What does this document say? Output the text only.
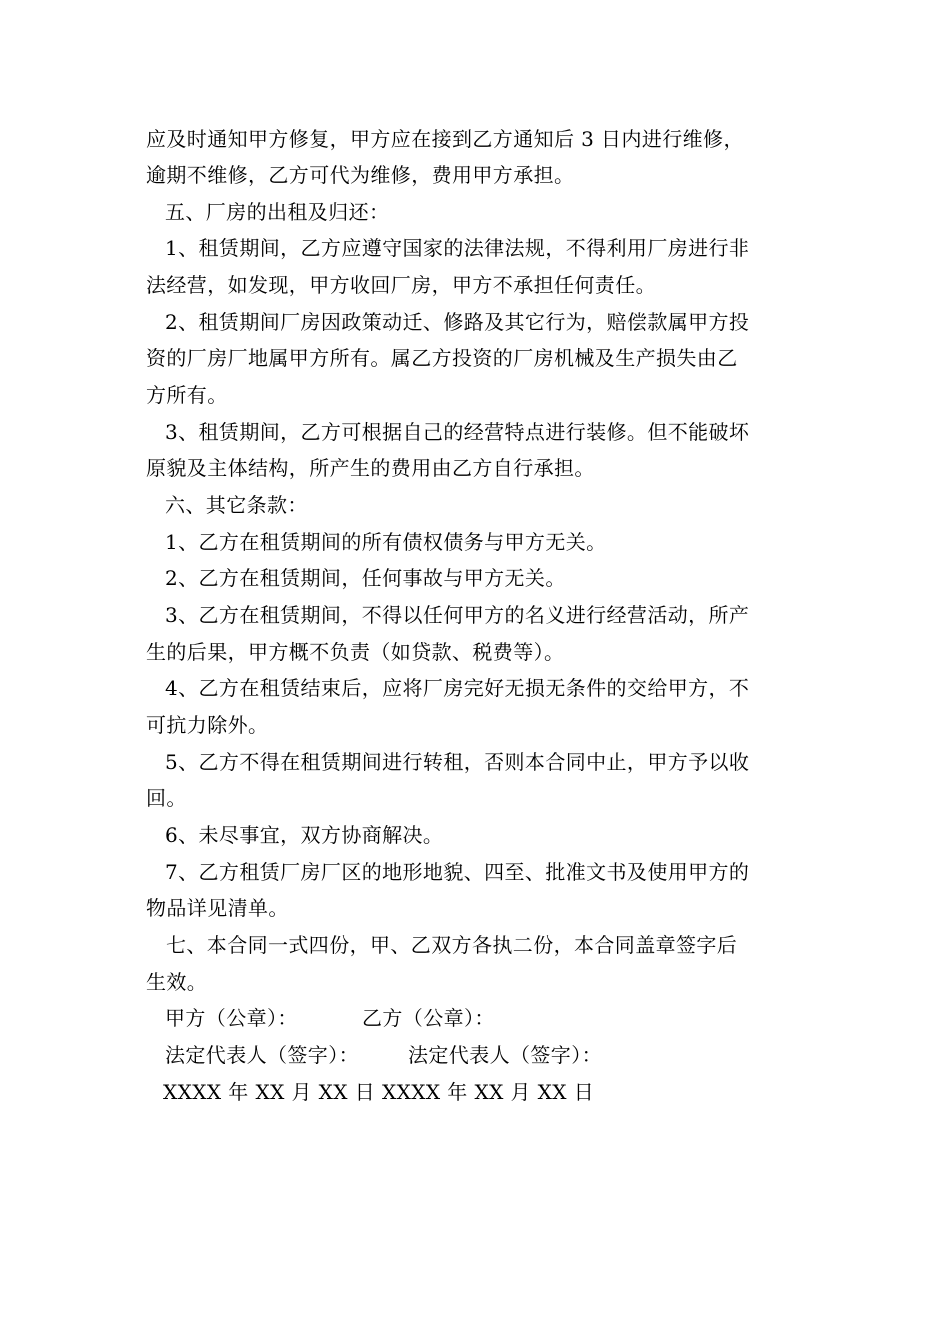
应及时通知甲方修复，甲方应在接到乙方通知后 3 日内进行维修，
逾期不维修，乙方可代为维修，费用甲方承担。
五、厂房的出租及归还：
1、租赁期间，乙方应遵守国家的法律法规，不得利用厂房进行非
法经营，如发现，甲方收回厂房，甲方不承担任何责任。
2、租赁期间厂房因政策动迁、修路及其它行为，赔偿款属甲方投
资的厂房厂地属甲方所有。属乙方投资的厂房机械及生产损失由乙
方所有。
3、租赁期间，乙方可根据自己的经营特点进行装修。但不能破坏
原貌及主体结构，所产生的费用由乙方自行承担。
六、其它条款：
1、乙方在租赁期间的所有债权债务与甲方无关。
2、乙方在租赁期间，任何事故与甲方无关。
3、乙方在租赁期间，不得以任何甲方的名义进行经营活动，所产
生的后果，甲方概不负责（如贷款、税费等）。
4、乙方在租赁结束后，应将厂房完好无损无条件的交给甲方，不
可抗力除外。
5、乙方不得在租赁期间进行转租，否则本合同中止，甲方予以收
回。
6、未尽事宜，双方协商解决。
7、乙方租赁厂房厂区的地形地貌、四至、批准文书及使用甲方的
物品详见清单。
七、本合同一式四份，甲、乙双方各执二份，本合同盖章签字后
生效。
甲方（公章）：	乙方（公章）：
法定代表人（签字）： 法定代表人（签字）：
XXXX 年 XX 月 XX 日 XXXX 年 XX 月 XX 日
